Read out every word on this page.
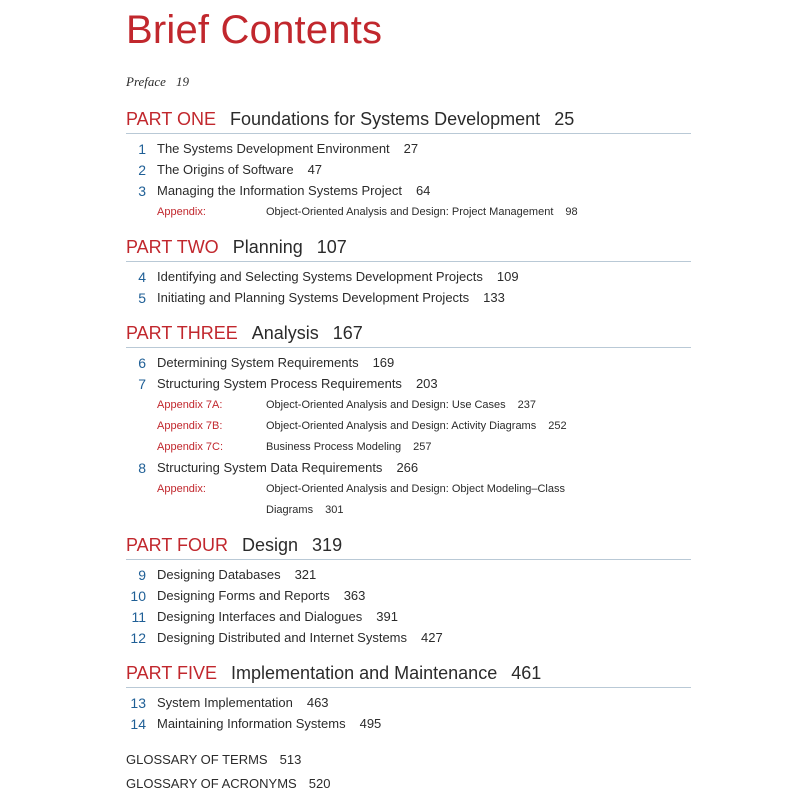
Brief Contents
Preface 19
PART ONE Foundations for Systems Development 25
1 The Systems Development Environment 27
2 The Origins of Software 47
3 Managing the Information Systems Project 64
Appendix:	Object-Oriented Analysis and Design: Project Management 98
PART TWO Planning 107
4 Identifying and Selecting Systems Development Projects 109
5 Initiating and Planning Systems Development Projects 133
PART THREE Analysis 167
6 Determining System Requirements 169
7 Structuring System Process Requirements 203
Appendix 7A:	Object-Oriented Analysis and Design: Use Cases 237
Appendix 7B:	Object-Oriented Analysis and Design: Activity Diagrams 252
Appendix 7C:	Business Process Modeling 257
8 Structuring System Data Requirements 266
Appendix:	Object-Oriented Analysis and Design: Object Modeling–Class
Diagrams 301
PART FOUR Design 319
9 Designing Databases 321
10 Designing Forms and Reports 363
11 Designing Interfaces and Dialogues 391
12 Designing Distributed and Internet Systems 427
PART FIVE Implementation and Maintenance 461
13 System Implementation 463
14 Maintaining Information Systems 495
GLOSSARY OF TERMS 513
GLOSSARY OF ACRONYMS 520
